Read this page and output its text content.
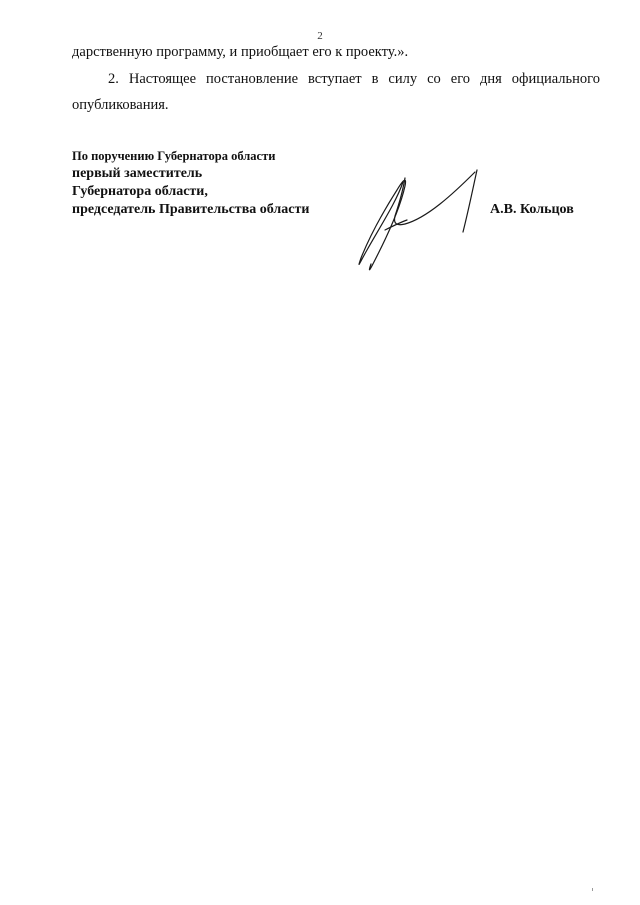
2
дарственную программу, и приобщает его к проекту.».
2. Настоящее постановление вступает в силу со его дня официального
опубликования.
По поручению Губернатора области
первый заместитель
Губернатора области,
председатель Правительства области	А.В. Кольцов
